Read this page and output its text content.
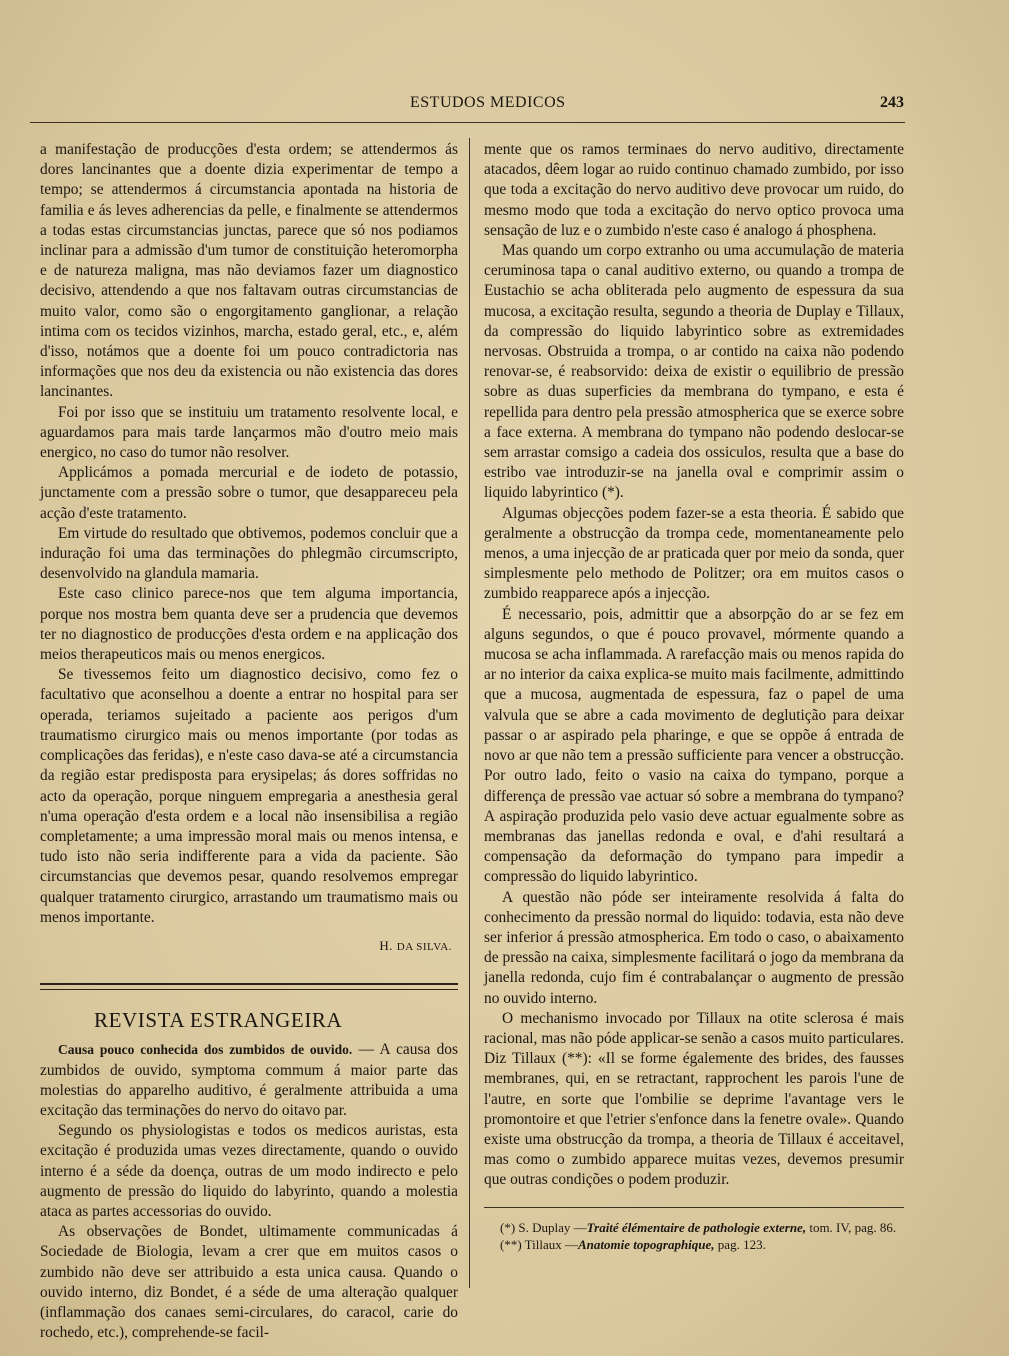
ESTUDOS MEDICOS	243

a manifestação de producções d'esta ordem; se attendermos ás dores lancinantes que a doente dizia experimentar de tempo a tempo; se attendermos á circumstancia apontada na historia de familia e ás leves adherencias da pelle, e finalmente se attendermos a todas estas circumstancias junctas, parece que só nos podiamos inclinar para a admissão d'um tumor de constituição heteromorpha e de natureza maligna, mas não deviamos fazer um diagnostico decisivo, attendendo a que nos faltavam outras circumstancias de muito valor, como são o engorgitamento ganglionar, a relação intima com os tecidos vizinhos, marcha, estado geral, etc., e, além d'isso, notámos que a doente foi um pouco contradictoria nas informações que nos deu da existencia ou não existencia das dores lancinantes.

Foi por isso que se instituiu um tratamento resolvente local, e aguardamos para mais tarde lançarmos mão d'outro meio mais energico, no caso do tumor não resolver.

Applicámos a pomada mercurial e de iodeto de potassio, junctamente com a pressão sobre o tumor, que desappareceu pela acção d'este tratamento.

Em virtude do resultado que obtivemos, podemos concluir que a induração foi uma das terminações do phlegmão circumscripto, desenvolvido na glandula mamaria.

Este caso clinico parece-nos que tem alguma importancia, porque nos mostra bem quanta deve ser a prudencia que devemos ter no diagnostico de producções d'esta ordem e na applicação dos meios therapeuticos mais ou menos energicos.

Se tivessemos feito um diagnostico decisivo, como fez o facultativo que aconselhou a doente a entrar no hospital para ser operada, teriamos sujeitado a paciente aos perigos d'um traumatismo cirurgico mais ou menos importante (por todas as complicações das feridas), e n'este caso dava-se até a circumstancia da região estar predisposta para erysipelas; ás dores soffridas no acto da operação, porque ninguem empregaria a anesthesia geral n'uma operação d'esta ordem e a local não insensibilisa a região completamente; a uma impressão moral mais ou menos intensa, e tudo isto não seria indifferente para a vida da paciente. São circumstancias que devemos pesar, quando resolvemos empregar qualquer tratamento cirurgico, arrastando um traumatismo mais ou menos importante.

H. DA SILVA.
REVISTA ESTRANGEIRA

Causa pouco conhecida dos zumbidos de ouvido. — A causa dos zumbidos de ouvido, symptoma commum á maior parte das molestias do apparelho auditivo, é geralmente attribuida a uma excitação das terminações do nervo do oitavo par.

Segundo os physiologistas e todos os medicos auristas, esta excitação é produzida umas vezes directamente, quando o ouvido interno é a séde da doença, outras de um modo indirecto e pelo augmento de pressão do liquido do labyrinto, quando a molestia ataca as partes accessorias do ouvido.

As observações de Bondet, ultimamente communicadas á Sociedade de Biologia, levam a crer que em muitos casos o zumbido não deve ser attribuido a esta unica causa. Quando o ouvido interno, diz Bondet, é a séde de uma alteração qualquer (inflammação dos canaes semi-circulares, do caracol, carie do rochedo, etc.), comprehende-se facil-

mente que os ramos terminaes do nervo auditivo, directamente atacados, dêem logar ao ruido continuo chamado zumbido, por isso que toda a excitação do nervo auditivo deve provocar um ruido, do mesmo modo que toda a excitação do nervo optico provoca uma sensação de luz e o zumbido n'este caso é analogo á phosphena.

Mas quando um corpo extranho ou uma accumulação de materia ceruminosa tapa o canal auditivo externo, ou quando a trompa de Eustachio se acha obliterada pelo augmento de espessura da sua mucosa, a excitação resulta, segundo a theoria de Duplay e Tillaux, da compressão do liquido labyrintico sobre as extremidades nervosas. Obstruida a trompa, o ar contido na caixa não podendo renovar-se, é reabsorvido: deixa de existir o equilibrio de pressão sobre as duas superficies da membrana do tympano, e esta é repellida para dentro pela pressão atmospherica que se exerce sobre a face externa. A membrana do tympano não podendo deslocar-se sem arrastar comsigo a cadeia dos ossiculos, resulta que a base do estribo vae introduzir-se na janella oval e comprimir assim o liquido labyrintico (*).

Algumas objecções podem fazer-se a esta theoria. É sabido que geralmente a obstrucção da trompa cede, momentaneamente pelo menos, a uma injecção de ar praticada quer por meio da sonda, quer simplesmente pelo methodo de Politzer; ora em muitos casos o zumbido reapparece após a injecção.

É necessario, pois, admittir que a absorpção do ar se fez em alguns segundos, o que é pouco provavel, mórmente quando a mucosa se acha inflammada. A rarefacção mais ou menos rapida do ar no interior da caixa explica-se muito mais facilmente, admittindo que a mucosa, augmentada de espessura, faz o papel de uma valvula que se abre a cada movimento de deglutição para deixar passar o ar aspirado pela pharinge, e que se oppõe á entrada de novo ar que não tem a pressão sufficiente para vencer a obstrucção. Por outro lado, feito o vasio na caixa do tympano, porque a differença de pressão vae actuar só sobre a membrana do tympano? A aspiração produzida pelo vasio deve actuar egualmente sobre as membranas das janellas redonda e oval, e d'ahi resultará a compensação da deformação do tympano para impedir a compressão do liquido labyrintico.

A questão não póde ser inteiramente resolvida á falta do conhecimento da pressão normal do liquido: todavia, esta não deve ser inferior á pressão atmospherica. Em todo o caso, o abaixamento de pressão na caixa, simplesmente facilitará o jogo da membrana da janella redonda, cujo fim é contrabalançar o augmento de pressão no ouvido interno.

O mechanismo invocado por Tillaux na otite sclerosa é mais racional, mas não póde applicar-se senão a casos muito particulares. Diz Tillaux (**): «Il se forme égalemente des brides, des fausses membranes, qui, en se retractant, rapprochent les parois l'une de l'autre, en sorte que l'ombilie se deprime l'avantage vers le promontoire et que l'etrier s'enfonce dans la fenetre ovale». Quando existe uma obstrucção da trompa, a theoria de Tillaux é acceitavel, mas como o zumbido apparece muitas vezes, devemos presumir que outras condições o podem produzir.

(*) S. Duplay —Traité élémentaire de pathologie externe, tom. IV, pag. 86.

(**) Tillaux —Anatomie topographique, pag. 123.
